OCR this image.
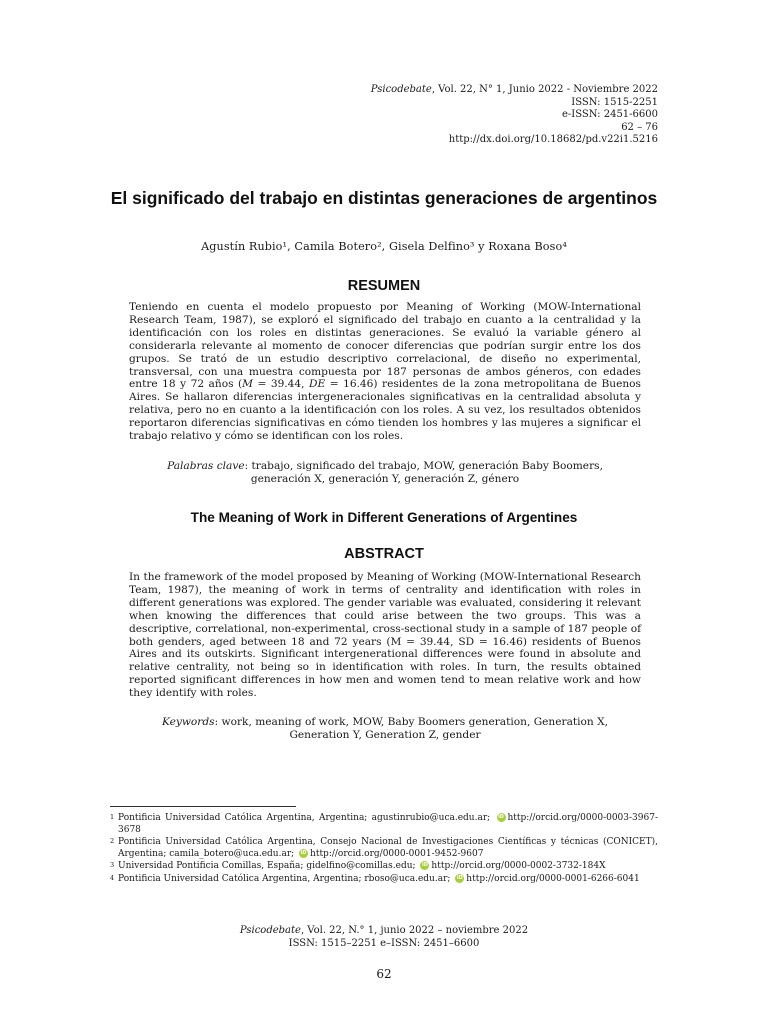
Psicodebate, Vol. 22, N° 1, Junio 2022 - Noviembre 2022
ISSN: 1515-2251
e-ISSN: 2451-6600
62 – 76
http://dx.doi.org/10.18682/pd.v22i1.5216
El significado del trabajo en distintas generaciones de argentinos
Agustín Rubio¹, Camila Botero², Gisela Delfino³ y Roxana Boso⁴
RESUMEN
Teniendo en cuenta el modelo propuesto por Meaning of Working (MOW-International Research Team, 1987), se exploró el significado del trabajo en cuanto a la centralidad y la identificación con los roles en distintas generaciones. Se evaluó la variable género al considerarla relevante al momento de conocer diferencias que podrían surgir entre los dos grupos. Se trató de un estudio descriptivo correlacional, de diseño no experimental, transversal, con una muestra compuesta por 187 personas de ambos géneros, con edades entre 18 y 72 años (M = 39.44, DE = 16.46) residentes de la zona metropolitana de Buenos Aires. Se hallaron diferencias intergeneracionales significativas en la centralidad absoluta y relativa, pero no en cuanto a la identificación con los roles. A su vez, los resultados obtenidos reportaron diferencias significativas en cómo tienden los hombres y las mujeres a significar el trabajo relativo y cómo se identifican con los roles.
Palabras clave: trabajo, significado del trabajo, MOW, generación Baby Boomers,
generación X, generación Y, generación Z, género
The Meaning of Work in Different Generations of Argentines
ABSTRACT
In the framework of the model proposed by Meaning of Working (MOW-International Research Team, 1987), the meaning of work in terms of centrality and identification with roles in different generations was explored. The gender variable was evaluated, considering it relevant when knowing the differences that could arise between the two groups. This was a descriptive, correlational, non-experimental, cross-sectional study in a sample of 187 people of both genders, aged between 18 and 72 years (M = 39.44, SD = 16.46) residents of Buenos Aires and its outskirts. Significant intergenerational differences were found in absolute and relative centrality, not being so in identification with roles. In turn, the results obtained reported significant differences in how men and women tend to mean relative work and how they identify with roles.
Keywords: work, meaning of work, MOW, Baby Boomers generation, Generation X,
Generation Y, Generation Z, gender
1 Pontificia Universidad Católica Argentina, Argentina; agustinrubio@uca.edu.ar; iD http://orcid.org/0000-0003-3967-3678
2 Pontificia Universidad Católica Argentina, Consejo Nacional de Investigaciones Científicas y técnicas (CONICET), Argentina; camila_botero@uca.edu.ar; iD http://orcid.org/0000-0001-9452-9607
3 Universidad Pontificia Comillas, España; gidelfino@comillas.edu; iD http://orcid.org/0000-0002-3732-184X
4 Pontificia Universidad Católica Argentina, Argentina; rboso@uca.edu.ar; iD http://orcid.org/0000-0001-6266-6041
Psicodebate, Vol. 22, N.° 1, junio 2022 – noviembre 2022
ISSN: 1515–2251 e–ISSN: 2451–6600
62
